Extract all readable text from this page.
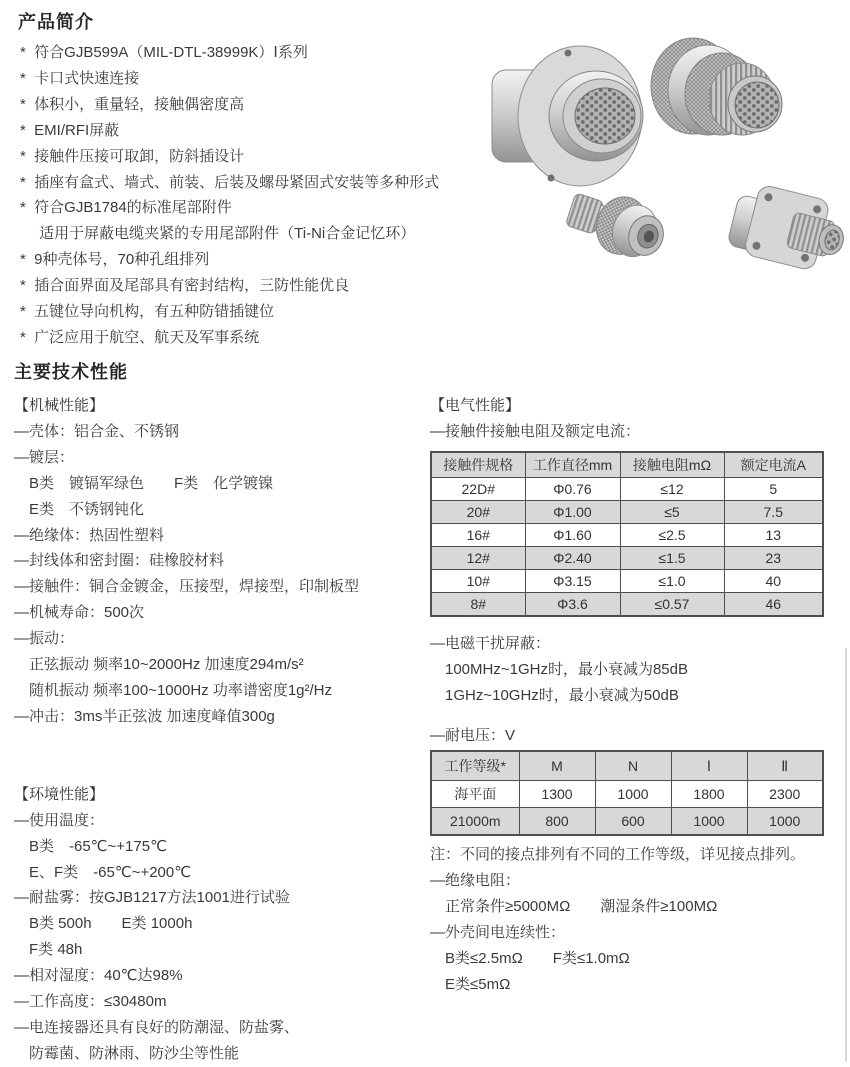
产品简介
*  符合GJB599A（MIL-DTL-38999K）Ⅰ系列
*  卡口式快速连接
*  体积小，重量轻，接触偶密度高
*  EMI/RFI屏蔽
*  接触件压接可取卸，防斜插设计
*  插座有盒式、墙式、前装、后装及螺母紧固式安装等多种形式
*  符合GJB1784的标准尾部附件
　 适用于屏蔽电缆夹紧的专用尾部附件（Ti-Ni合金记忆环）
*  9种壳体号，70种孔组排列
*  插合面界面及尾部具有密封结构，三防性能优良
*  五键位导向机构，有五种防错插键位
*  广泛应用于航空、航天及军事系统
主要技术性能
【机械性能】
—壳体：铝合金、不锈钢
—镀层：
　B类　镀镉军绿色　　F类　化学镀镍
　E类　不锈钢钝化
—绝缘体：热固性塑料
—封线体和密封圈：硅橡胶材料
—接触件：铜合金镀金，压接型，焊接型，印制板型
—机械寿命：500次
—振动：
　正弦振动 频率10~2000Hz 加速度294m/s²
　随机振动 频率100~1000Hz 功率谱密度1g²/Hz
—冲击：3ms半正弦波 加速度峰值300g
【环境性能】
—使用温度：
　B类　-65℃~+175℃
　E、F类　-65℃~+200℃
—耐盐雾：按GJB1217方法1001进行试验
　B类 500h　　E类 1000h
　F类 48h
—相对湿度：40℃达98%
—工作高度：≤30480m
—电连接器还具有良好的防潮湿、防盐雾、
　防霉菌、防淋雨、防沙尘等性能
【电气性能】
—接触件接触电阻及额定电流：
接触件规格	工作直径mm	接触电阻mΩ	额定电流A
22D#	Φ0.76	≤12	5
20#	Φ1.00	≤5	7.5
16#	Φ1.60	≤2.5	13
12#	Φ2.40	≤1.5	23
10#	Φ3.15	≤1.0	40
8#	Φ3.6	≤0.57	46
—电磁干扰屏蔽：
　100MHz~1GHz时，最小衰减为85dB
　1GHz~10GHz时，最小衰减为50dB
—耐电压：V
工作等级*	M	N	Ⅰ	Ⅱ
海平面	1300	1000	1800	2300
21000m	800	600	1000	1000
注：不同的接点排列有不同的工作等级，详见接点排列。
—绝缘电阻：
　正常条件≥5000MΩ　　潮湿条件≥100MΩ
—外壳间电连续性：
　B类≤2.5mΩ　　F类≤1.0mΩ
　E类≤5mΩ
